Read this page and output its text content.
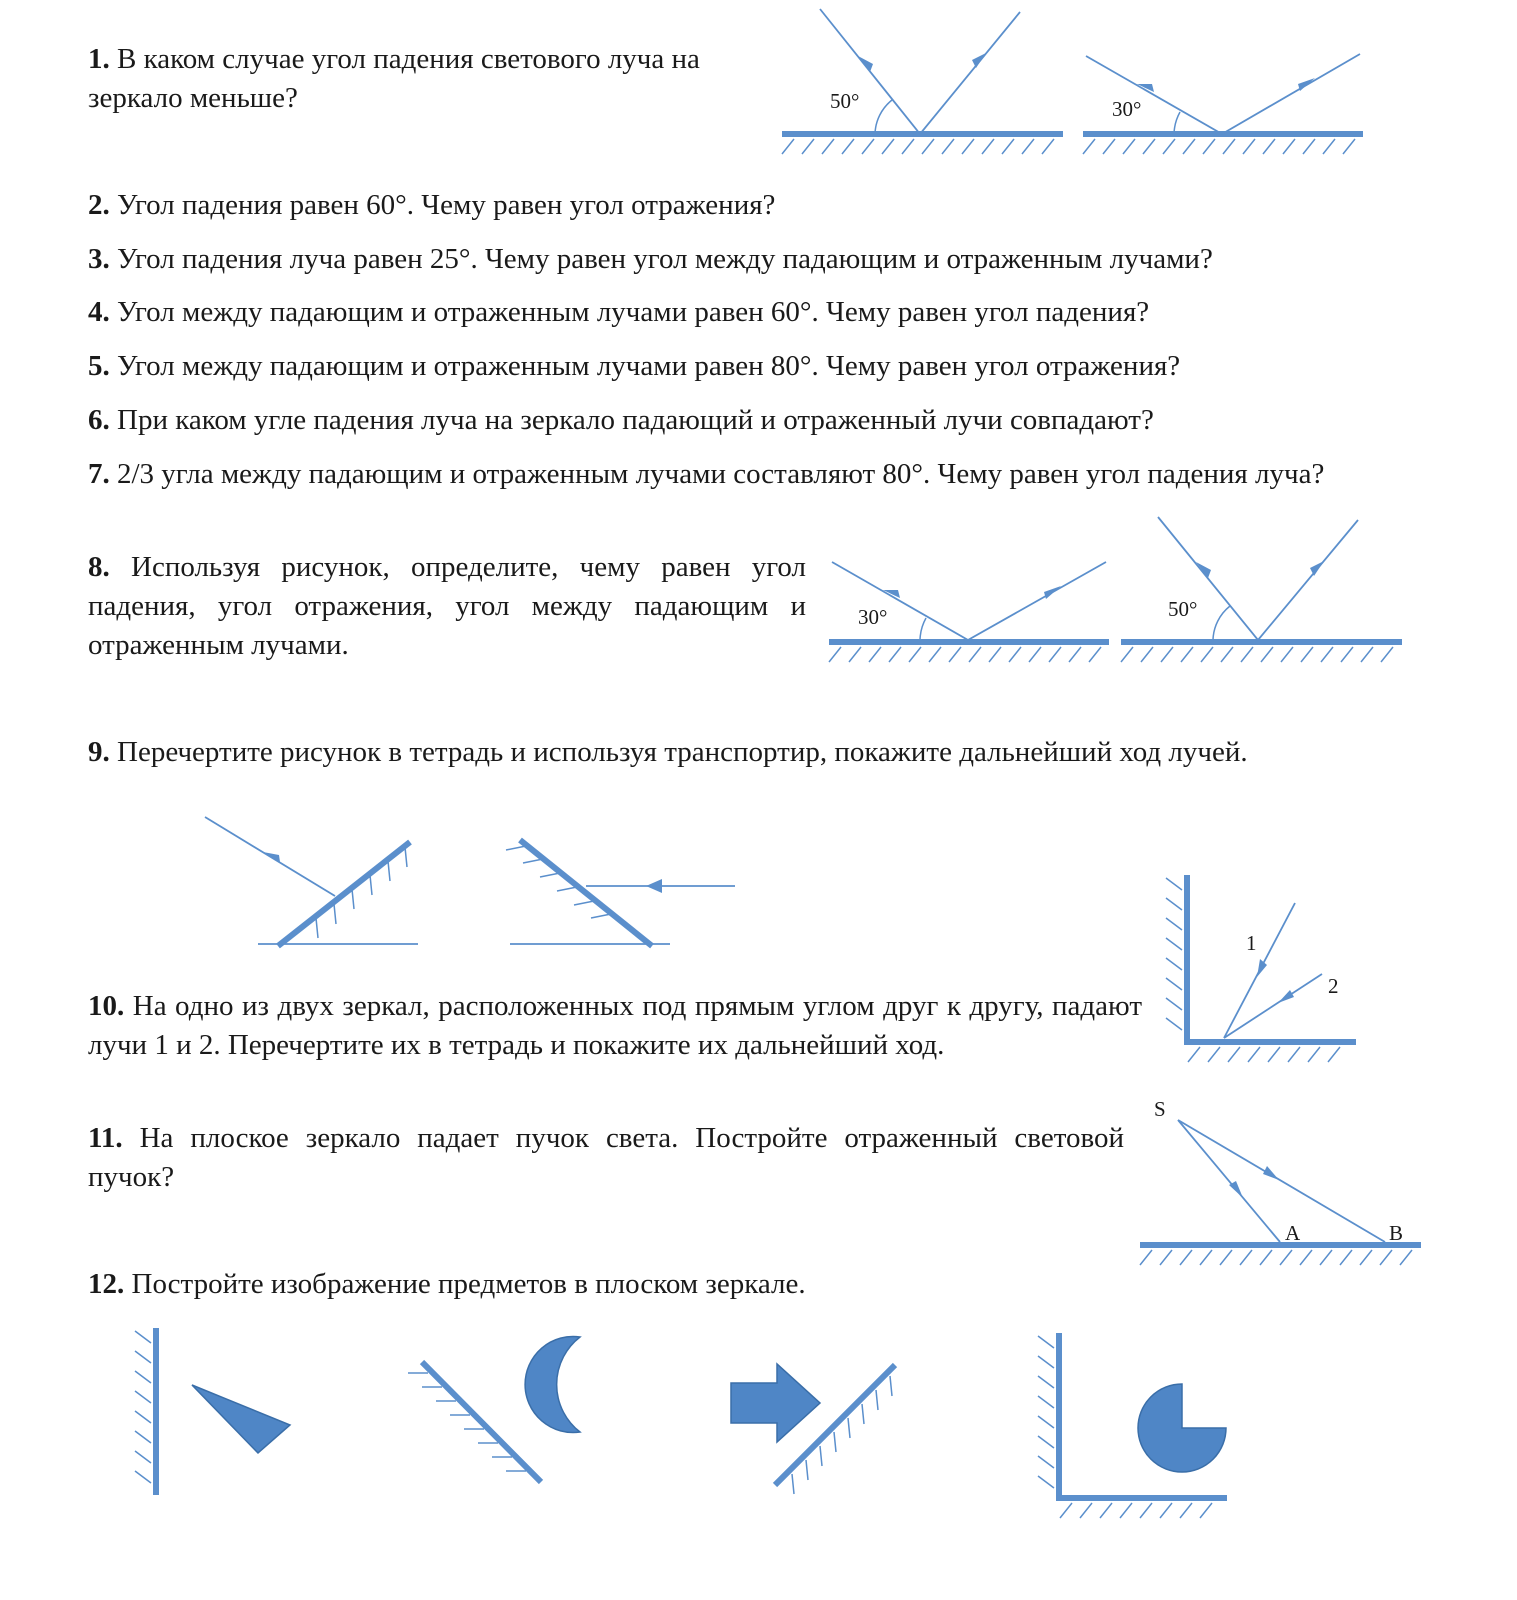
1. В каком случае угол падения светового луча на зеркало меньше?

2. Угол падения равен 60°. Чему равен угол отражения?

3. Угол падения луча равен 25°. Чему равен угол между падающим и отраженным лучами?

4. Угол между падающим и отраженным лучами равен 60°. Чему равен угол падения?

5. Угол между падающим и отраженным лучами равен 80°. Чему равен угол отражения?

6. При каком угле падения луча на зеркало падающий и отраженный лучи совпадают?

7. 2/3 угла между падающим и отраженным лучами составляют 80°. Чему равен угол падения луча?

8. Используя рисунок, определите, чему равен угол падения, угол отражения, угол между падающим и отраженным лучами.

9. Перечертите рисунок в тетрадь и используя транспортир, покажите дальнейший ход лучей.

10. На одно из двух зеркал, расположенных под прямым углом друг к другу, падают лучи 1 и 2. Перечертите их в тетрадь и покажите их дальнейший ход.

11. На плоское зеркало падает пучок света. Постройте отраженный световой пучок?

12. Постройте изображение предметов в плоском зеркале.

50°	30°
30°	50°
1
2
S
A	B
